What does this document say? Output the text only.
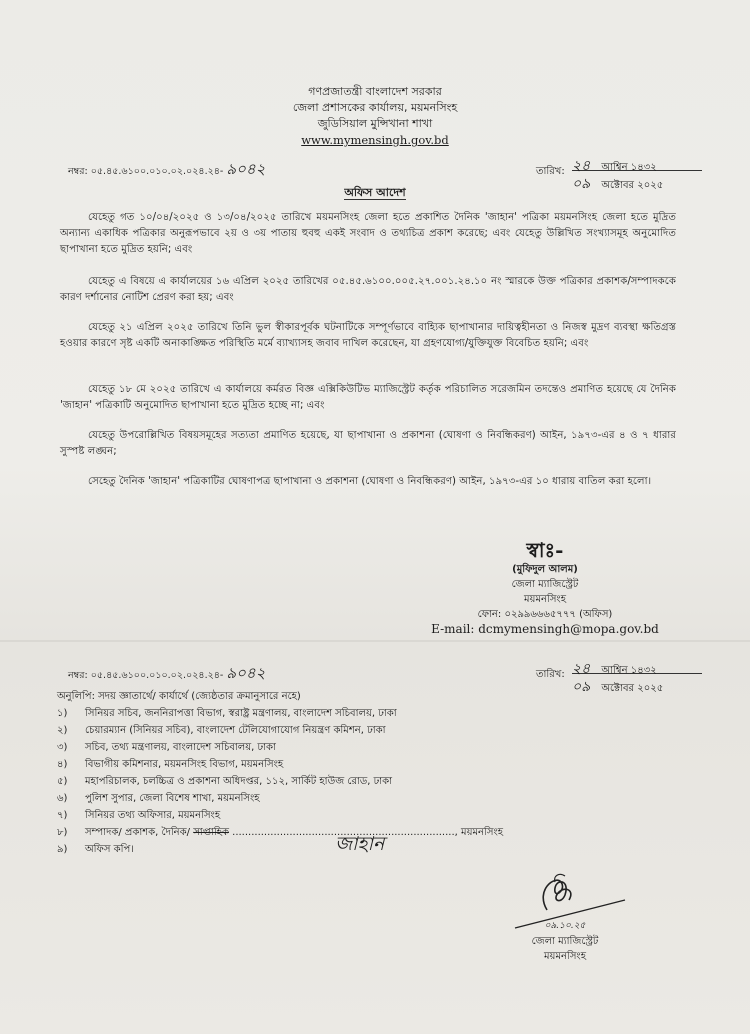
গণপ্রজাতন্ত্রী বাংলাদেশ সরকার
জেলা প্রশাসকের কার্যালয়, ময়মনসিংহ
জুডিসিয়াল মুন্সিখানা শাখা
www.mymensingh.gov.bd
নম্বর: ০৫.৪৫.৬১০০.০১০.০২.০২৪.২৪- ৯০৪২	তারিখ: ২৪ আশ্বিন ১৪৩২
০৯ অক্টোবর ২০২৫
অফিস আদেশ

যেহেতু গত ১০/০৪/২০২৫ ও ১৩/০৪/২০২৫ তারিখে ময়মনসিংহ জেলা হতে প্রকাশিত দৈনিক 'জাহান' পত্রিকা ময়মনসিংহ জেলা হতে মুদ্রিত অন্যান্য একাধিক পত্রিকার অনুরূপভাবে ২য় ও ৩য় পাতায় হুবহু একই সংবাদ ও তথ্যচিত্র প্রকাশ করেছে; এবং যেহেতু উল্লিখিত সংখ্যাসমূহ অনুমোদিত ছাপাখানা হতে মুদ্রিত হয়নি; এবং

যেহেতু এ বিষয়ে এ কার্যালয়ের ১৬ এপ্রিল ২০২৫ তারিখের ০৫.৪৫.৬১০০.০০৫.২৭.০০১.২৪.১০ নং স্মারকে উক্ত পত্রিকার প্রকাশক/সম্পাদককে কারণ দর্শানোর নোটিশ প্রেরণ করা হয়; এবং

যেহেতু ২১ এপ্রিল ২০২৫ তারিখে তিনি ভুল স্বীকারপূর্বক ঘটনাটিকে সম্পূর্ণভাবে বাহ্যিক ছাপাখানার দায়িত্বহীনতা ও নিজস্ব মুদ্রণ ব্যবস্থা ক্ষতিগ্রস্ত হওয়ার কারণে সৃষ্ট একটি অনাকাঙ্ক্ষিত পরিস্থিতি মর্মে ব্যাখ্যাসহ জবাব দাখিল করেছেন, যা গ্রহণযোগ্য/যুক্তিযুক্ত বিবেচিত হয়নি; এবং

যেহেতু ১৮ মে ২০২৫ তারিখে এ কার্যালয়ে কর্মরত বিজ্ঞ এক্সিকিউটিভ ম্যাজিস্ট্রেট কর্তৃক পরিচালিত সরেজমিন তদন্তেও প্রমাণিত হয়েছে যে দৈনিক 'জাহান' পত্রিকাটি অনুমোদিত ছাপাখানা হতে মুদ্রিত হচ্ছে না; এবং

যেহেতু উপরোল্লিখিত বিষয়সমূহের সত্যতা প্রমাণিত হয়েছে, যা ছাপাখানা ও প্রকাশনা (ঘোষণা ও নিবন্ধিকরণ) আইন, ১৯৭৩-এর ৪ ও ৭ ধারার সুস্পষ্ট লঙ্ঘন;

সেহেতু দৈনিক 'জাহান' পত্রিকাটির ঘোষণাপত্র ছাপাখানা ও প্রকাশনা (ঘোষণা ও নিবন্ধিকরণ) আইন, ১৯৭৩-এর ১০ ধারায় বাতিল করা হলো।

স্বাঃ-
(মুফিদুল আলম)
জেলা ম্যাজিস্ট্রেট
ময়মনসিংহ
ফোন: ০২৯৯৬৬৬৫৭৭৭ (অফিস)
E-mail: dcmymensingh@mopa.gov.bd
নম্বর: ০৫.৪৫.৬১০০.০১০.০২.০২৪.২৪- ৯০৪২	তারিখ: ২৪ আশ্বিন ১৪৩২
০৯ অক্টোবর ২০২৫
অনুলিপি: সদয় জ্ঞাতার্থে/ কার্যার্থে (জ্যেষ্ঠতার ক্রমানুসারে নহে)
১)	সিনিয়র সচিব, জননিরাপত্তা বিভাগ, স্বরাষ্ট্র মন্ত্রণালয়, বাংলাদেশ সচিবালয়, ঢাকা
২)	চেয়ারম্যান (সিনিয়র সচিব), বাংলাদেশ টেলিযোগাযোগ নিয়ন্ত্রণ কমিশন, ঢাকা
৩)	সচিব, তথ্য মন্ত্রণালয়, বাংলাদেশ সচিবালয়, ঢাকা
৪)	বিভাগীয় কমিশনার, ময়মনসিংহ বিভাগ, ময়মনসিংহ
৫)	মহাপরিচালক, চলচ্চিত্র ও প্রকাশনা অধিদপ্তর, ১১২, সার্কিট হাউজ রোড, ঢাকা
৬)	পুলিশ সুপার, জেলা বিশেষ শাখা, ময়মনসিংহ
৭)	সিনিয়র তথ্য অফিসার, ময়মনসিংহ
৮)	সম্পাদক/ প্রকাশক, দৈনিক/
সাপ্তাহিক
...................................................................... , ময়মনসিংহ
৯)	অফিস কপি।	জাহান
০৯.১০.২৫
জেলা ম্যাজিস্ট্রেট
ময়মনসিংহ
